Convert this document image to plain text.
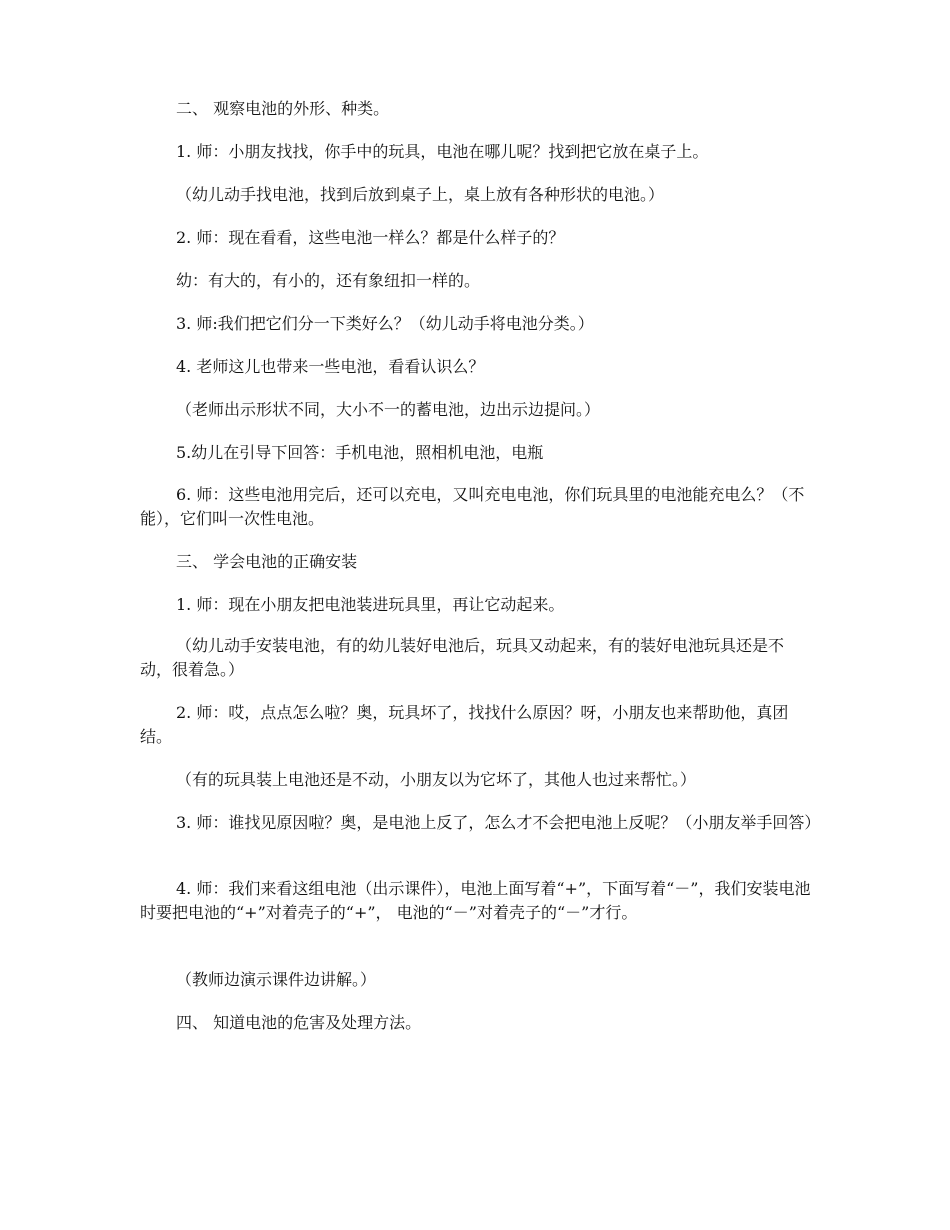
二、 观察电池的外形、种类。

1. 师：小朋友找找，你手中的玩具，电池在哪儿呢？找到把它放在桌子上。

（幼儿动手找电池，找到后放到桌子上，桌上放有各种形状的电池。）

2. 师：现在看看，这些电池一样么？都是什么样子的？

幼：有大的，有小的，还有象纽扣一样的。

3. 师:我们把它们分一下类好么？（幼儿动手将电池分类。）

4. 老师这儿也带来一些电池，看看认识么？

（老师出示形状不同，大小不一的蓄电池，边出示边提问。）

5.幼儿在引导下回答：手机电池，照相机电池，电瓶

6. 师：这些电池用完后，还可以充电，又叫充电电池，你们玩具里的电池能充电么？（不能），它们叫一次性电池。

三、 学会电池的正确安装

1. 师：现在小朋友把电池装进玩具里，再让它动起来。

（幼儿动手安装电池，有的幼儿装好电池后，玩具又动起来，有的装好电池玩具还是不动，很着急。）

2. 师：哎，点点怎么啦？奥，玩具坏了，找找什么原因？呀，小朋友也来帮助他，真团结。

（有的玩具装上电池还是不动，小朋友以为它坏了，其他人也过来帮忙。）

3. 师：谁找见原因啦？奥，是电池上反了，怎么才不会把电池上反呢？（小朋友举手回答）

4. 师：我们来看这组电池（出示课件），电池上面写着“+”，下面写着“－”，我们安装电池时要把电池的“+”对着壳子的“+”， 电池的“－”对着壳子的“－”才行。

（教师边演示课件边讲解。）

四、 知道电池的危害及处理方法。
